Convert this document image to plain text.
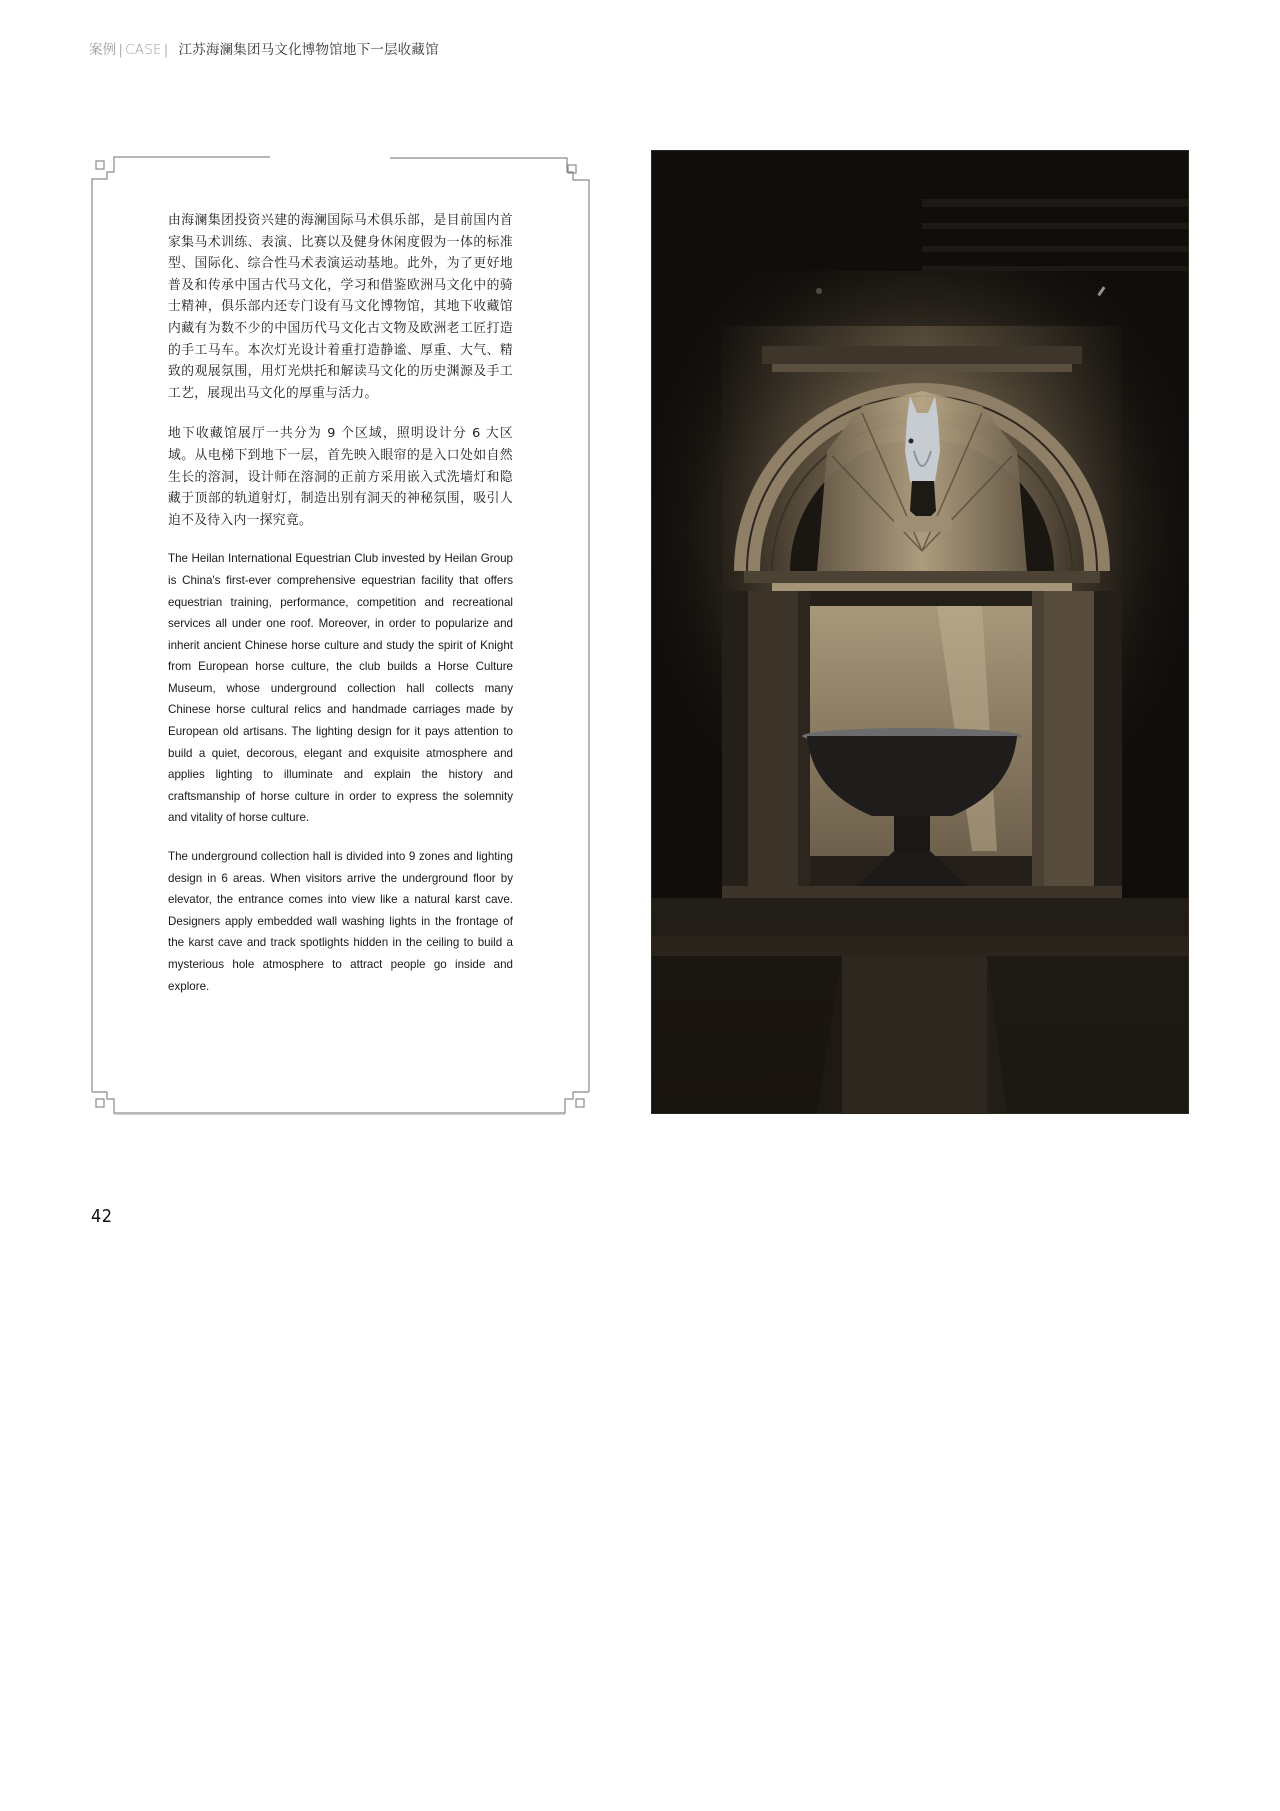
案例 | CASE | 江苏海澜集团马文化博物馆地下一层收藏馆

由海澜集团投资兴建的海澜国际马术俱乐部，是目前国内首家集马术训练、表演、比赛以及健身休闲度假为一体的标准型、国际化、综合性马术表演运动基地。此外，为了更好地普及和传承中国古代马文化，学习和借鉴欧洲马文化中的骑士精神，俱乐部内还专门设有马文化博物馆，其地下收藏馆内藏有为数不少的中国历代马文化古文物及欧洲老工匠打造的手工马车。本次灯光设计着重打造静谧、厚重、大气、精致的观展氛围，用灯光烘托和解读马文化的历史渊源及手工工艺，展现出马文化的厚重与活力。

地下收藏馆展厅一共分为 9 个区域，照明设计分 6 大区域。从电梯下到地下一层，首先映入眼帘的是入口处如自然生长的溶洞，设计师在溶洞的正前方采用嵌入式洗墙灯和隐藏于顶部的轨道射灯，制造出别有洞天的神秘氛围，吸引人迫不及待入内一探究竟。

The Heilan International Equestrian Club invested by Heilan Group is China's first-ever comprehensive equestrian facility that offers equestrian training, performance, competition and recreational services all under one roof. Moreover, in order to popularize and inherit ancient Chinese horse culture and study the spirit of Knight from European horse culture, the club builds a Horse Culture Museum, whose underground collection hall collects many Chinese horse cultural relics and handmade carriages made by European old artisans. The lighting design for it pays attention to build a quiet, decorous, elegant and exquisite atmosphere and applies lighting to illuminate and explain the history and craftsmanship of horse culture in order to express the solemnity and vitality of horse culture.

The underground collection hall is divided into 9 zones and lighting design in 6 areas. When visitors arrive the underground floor by elevator, the entrance comes into view like a natural karst cave. Designers apply embedded wall washing lights in the frontage of the karst cave and track spotlights hidden in the ceiling to build a mysterious hole atmosphere to attract people go inside and explore.

42
